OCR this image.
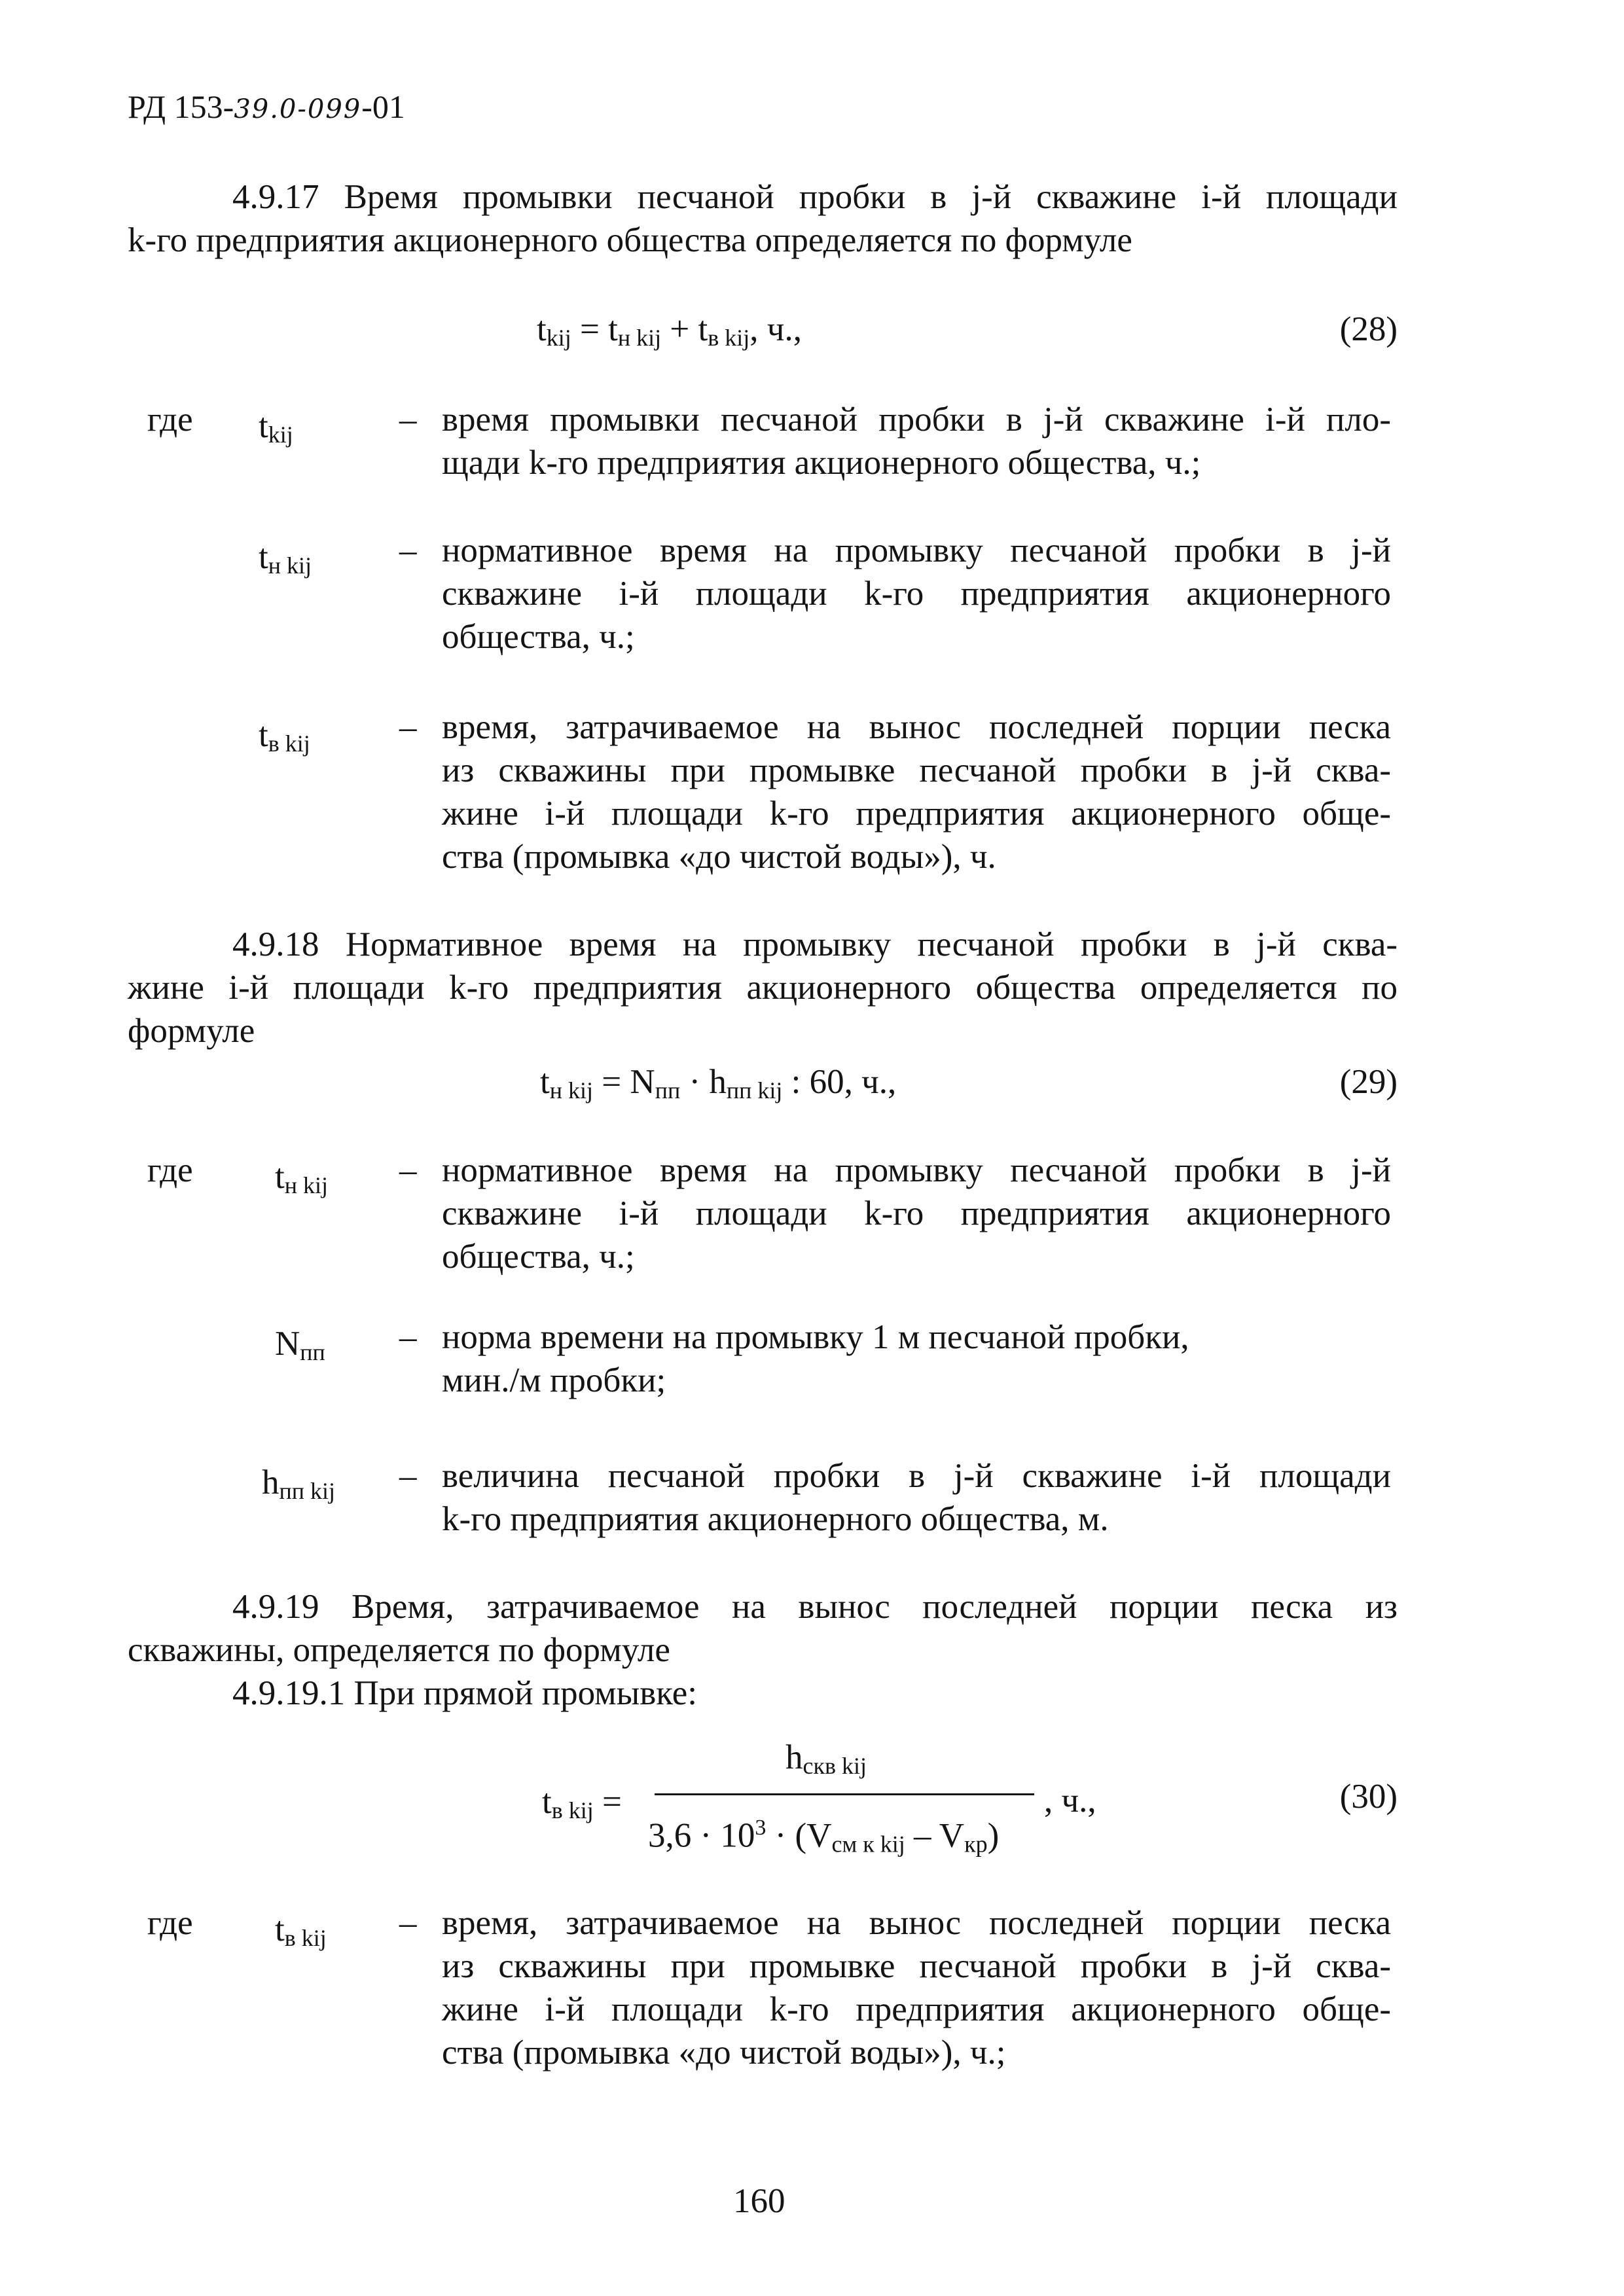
РД 153-39.0-099-01
4.9.17 Время промывки песчаной пробки в j-й скважине i-й площади
k-го предприятия акционерного общества определяется по формуле
$t_{kij} = t_{н kij} + t_{в kij}$, ч.,	(28)
где $t_{kij}$	– время промывки песчаной пробки в j-й скважине i-й пло-
щади k-го предприятия акционерного общества, ч.;
$t_{н kij}$	– нормативное время на промывку песчаной пробки в j-й
скважине i-й площади k-го предприятия акционерного
общества, ч.;
$t_{в kij}$	– время, затрачиваемое на вынос последней порции песка
из скважины при промывке песчаной пробки в j-й сква-
жине i-й площади k-го предприятия акционерного обще-
ства (промывка «до чистой воды»), ч.
4.9.18 Нормативное время на промывку песчаной пробки в j-й сква-
жине i-й площади k-го предприятия акционерного общества определяется по
формуле
$t_{н kij} = N_{пп} \cdot h_{пп kij}$ : 60, ч.,	(29)
где $t_{н kij}$ – нормативное время на промывку песчаной пробки в j-й
скважине i-й площади k-го предприятия акционерного
общества, ч.;
$N_{пп}$ – норма времени на промывку 1 м песчаной пробки,
мин./м пробки;
$h_{пп kij}$ – величина песчаной пробки в j-й скважине i-й площади
k-го предприятия акционерного общества, м.
4.9.19 Время, затрачиваемое на вынос последней порции песка из
скважины, определяется по формуле
4.9.19.1 При прямой промывке:
$t_{в kij}$ =
$h_{скв kij}$
$3,6 \cdot 10^3 \cdot (V_{см к kij} - V_{кр})$
, ч.,	(30)
где $t_{в kij}$ – время, затрачиваемое на вынос последней порции песка
из скважины при промывке песчаной пробки в j-й сква-
жине i-й площади k-го предприятия акционерного обще-
ства (промывка «до чистой воды»), ч.;
160
